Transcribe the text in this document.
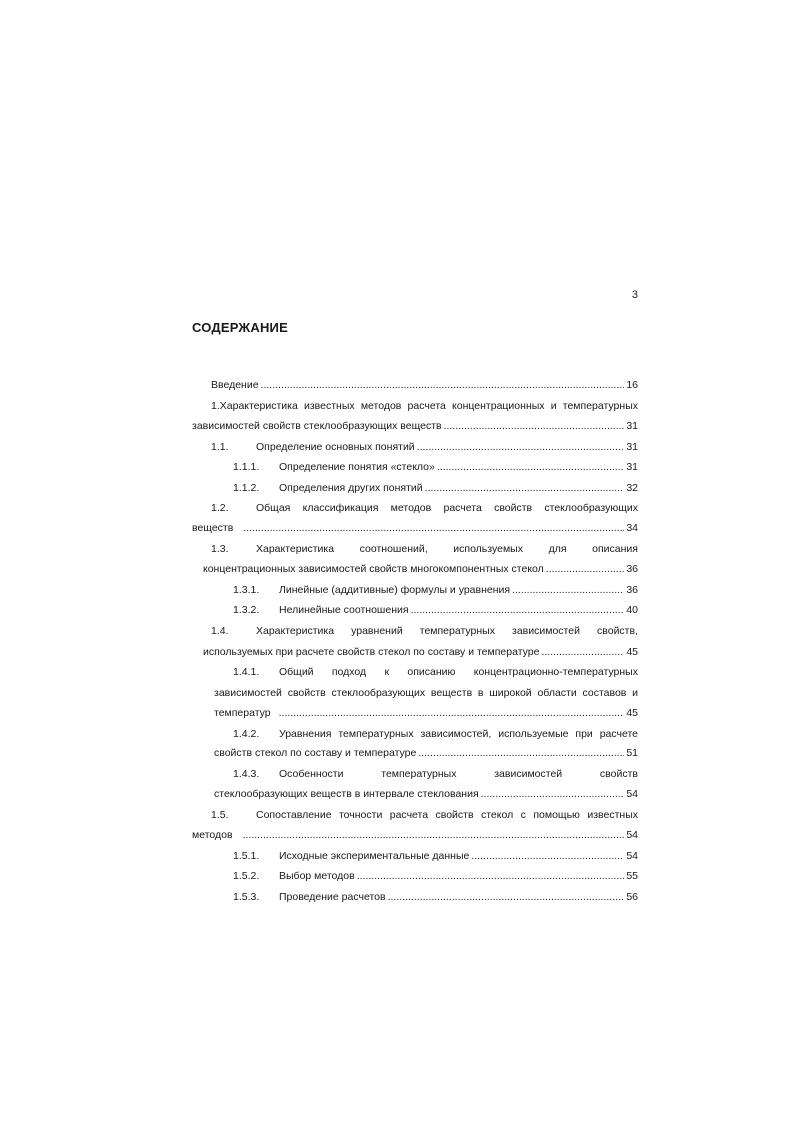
3
СОДЕРЖАНИЕ
Введение .....	16
1.Характеристика известных методов расчета концентрационных и температурных
зависимостей свойств стеклообразующих веществ .....	31
1.1.	Определение основных понятий .....	31
1.1.1.	Определение понятия «стекло» .....	31
1.1.2.	Определения других понятий .....	32
1.2.	Общая классификация методов расчета свойств стеклообразующих
веществ .....	34
1.3.	Характеристика соотношений, используемых для описания
концентрационных зависимостей свойств многокомпонентных стекол .....	36
1.3.1.	Линейные (аддитивные) формулы и уравнения .....	36
1.3.2.	Нелинейные соотношения .....	40
1.4.	Характеристика уравнений температурных зависимостей свойств,
используемых при расчете свойств стекол по составу и температуре .....	45
1.4.1.	Общий подход к описанию концентрационно-температурных
зависимостей свойств стеклообразующих веществ в широкой области составов и
температур .....	45
1.4.2.	Уравнения температурных зависимостей, используемые при расчете
свойств стекол по составу и температуре .....	51
1.4.3.	Особенности	температурных	зависимостей	свойств
стеклообразующих веществ в интервале стеклования .....	54
1.5.	Сопоставление точности расчета свойств стекол с помощью известных
методов .....	54
1.5.1.	Исходные экспериментальные данные .....	54
1.5.2.	Выбор методов .....	55
1.5.3.	Проведение расчетов .....	56
